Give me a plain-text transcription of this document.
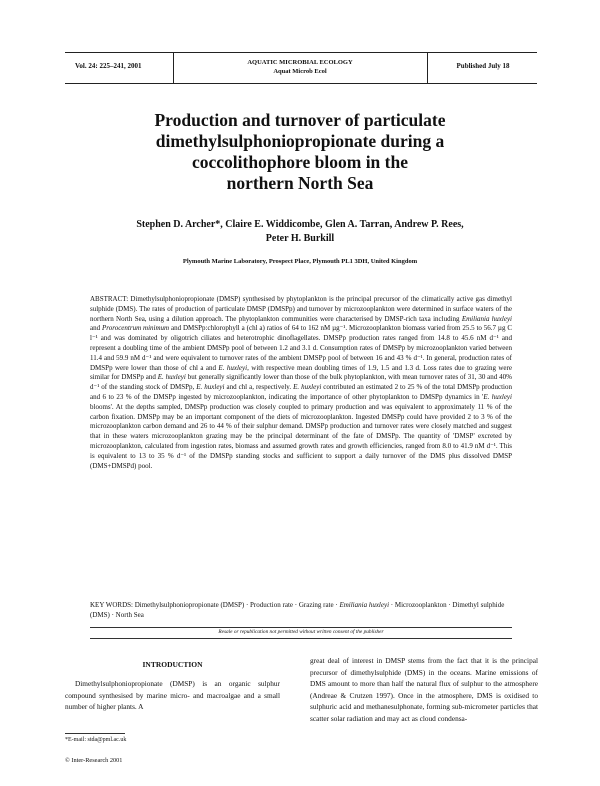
Vol. 24: 225–241, 2001	AQUATIC MICROBIAL ECOLOGY
Aquat Microb Ecol
Published July 18
Production and turnover of particulate
dimethylsulphoniopropionate during a
coccolithophore bloom in the
northern North Sea
Stephen D. Archer*, Claire E. Widdicombe, Glen A. Tarran, Andrew P. Rees,
Peter H. Burkill
Plymouth Marine Laboratory, Prospect Place, Plymouth PL1 3DH, United Kingdom

ABSTRACT: Dimethylsulphoniopropionate (DMSP) synthesised by phytoplankton is the principal precursor of the climatically active gas dimethyl sulphide (DMS). The rates of production of particulate DMSP (DMSPp) and turnover by microzooplankton were determined in surface waters of the northern North Sea, using a dilution approach. The phytoplankton communities were characterised by DMSP-rich taxa including Emiliania huxleyi and Prorocentrum minimum and DMSPp:chlorophyll a (chl a) ratios of 64 to 162 nM µg⁻¹. Microzooplankton biomass varied from 25.5 to 56.7 µg C l⁻¹ and was dominated by oligotrich ciliates and heterotrophic dinoflagellates. DMSPp production rates ranged from 14.8 to 45.6 nM d⁻¹ and represent a doubling time of the ambient DMSPp pool of between 1.2 and 3.1 d. Consumption rates of DMSPp by microzooplankton varied between 11.4 and 59.9 nM d⁻¹ and were equivalent to turnover rates of the ambient DMSPp pool of between 16 and 43 % d⁻¹. In general, production rates of DMSPp were lower than those of chl a and E. huxleyi, with respective mean doubling times of 1.9, 1.5 and 1.3 d. Loss rates due to grazing were similar for DMSPp and E. huxleyi but generally significantly lower than those of the bulk phytoplankton, with mean turnover rates of 31, 30 and 40% d⁻¹ of the standing stock of DMSPp, E. huxleyi and chl a, respectively. E. huxleyi contributed an estimated 2 to 25 % of the total DMSPp production and 6 to 23 % of the DMSPp ingested by microzooplankton, indicating the importance of other phytoplankton to DMSPp dynamics in 'E. huxleyi blooms'. At the depths sampled, DMSPp production was closely coupled to primary production and was equivalent to approximately 11 % of the carbon fixation. DMSPp may be an important component of the diets of microzooplankton. Ingested DMSPp could have provided 2 to 3 % of the microzooplankton carbon demand and 26 to 44 % of their sulphur demand. DMSPp production and turnover rates were closely matched and suggest that in these waters microzooplankton grazing may be the principal determinant of the fate of DMSPp. The quantity of 'DMSP' excreted by microzooplankton, calculated from ingestion rates, biomass and assumed growth rates and growth efficiencies, ranged from 8.0 to 41.9 nM d⁻¹. This is equivalent to 13 to 35 % d⁻¹ of the DMSPp standing stocks and sufficient to support a daily turnover of the DMS plus dissolved DMSP (DMS+DMSPd) pool.

KEY WORDS: Dimethylsulphoniopropionate (DMSP) · Production rate · Grazing rate · Emiliania huxleyi · Microzooplankton · Dimethyl sulphide (DMS) · North Sea
Resale or republication not permitted without written consent of the publisher
INTRODUCTION

Dimethylsulphoniopropionate (DMSP) is an organic sulphur compound synthesised by marine micro- and macroalgae and a small number of higher plants. A

great deal of interest in DMSP stems from the fact that it is the principal precursor of dimethylsulphide (DMS) in the oceans. Marine emissions of DMS amount to more than half the natural flux of sulphur to the atmosphere (Andreae & Crutzen 1997). Once in the atmosphere, DMS is oxidised to sulphuric acid and methanesulphonate, forming sub-micrometer particles that scatter solar radiation and may act as cloud condensa-

*E-mail: stda@pml.ac.uk
© Inter-Research 2001
